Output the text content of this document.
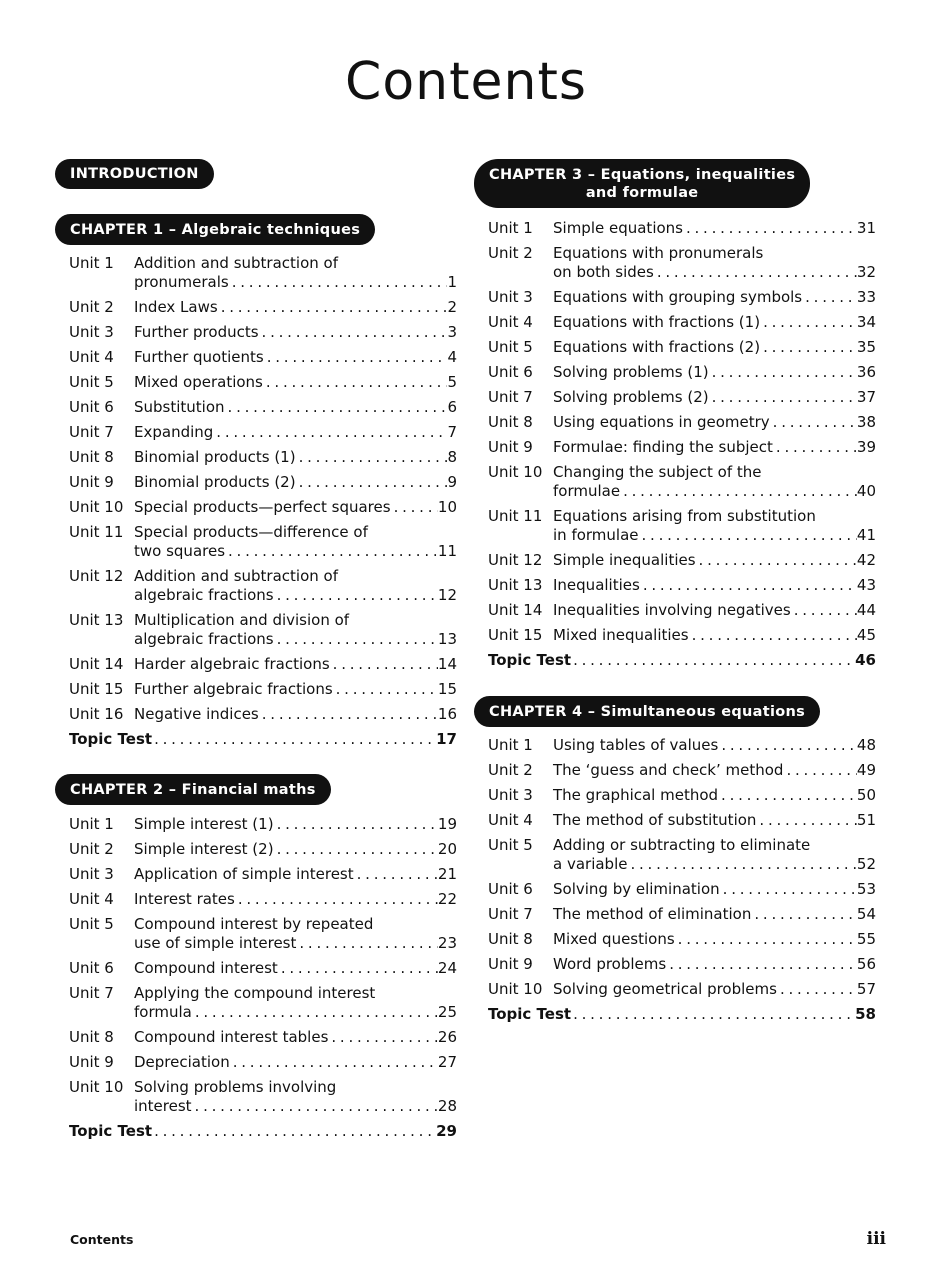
Contents
INTRODUCTION
CHAPTER 1 – Algebraic techniques
Unit 1	Addition and subtraction of
pronumerals . . .	1
Unit 2	Index Laws . . .	2
Unit 3	Further products . . .	3
Unit 4	Further quotients . . .	4
Unit 5	Mixed operations . . .	5
Unit 6	Substitution . . .	6
Unit 7	Expanding . . .	7
Unit 8	Binomial products (1) . . .	8
Unit 9	Binomial products (2) . . .	9
Unit 10 Special products—perfect squares . . .	10
Unit 11 Special products—difference of
two squares . . .	11
Unit 12 Addition and subtraction of
algebraic fractions . . .	12
Unit 13 Multiplication and division of
algebraic fractions . . .	13
Unit 14 Harder algebraic fractions . . .	14
Unit 15 Further algebraic fractions . . .	15
Unit 16 Negative indices . . .	16
Topic Test . . .	17
CHAPTER 2 – Financial maths
Unit 1	Simple interest (1) . . .	19
Unit 2	Simple interest (2) . . .	20
Unit 3	Application of simple interest . . .	21
Unit 4	Interest rates . . .	22
Unit 5	Compound interest by repeated
use of simple interest . . .	23
Unit 6	Compound interest . . .	24
Unit 7	Applying the compound interest
formula . . .	25
Unit 8	Compound interest tables . . .	26
Unit 9	Depreciation . . .	27
Unit 10 Solving problems involving
interest . . .	28
Topic Test . . .	29
CHAPTER 3 – Equations, inequalities
and formulae
Unit 1	Simple equations . . .	31
Unit 2	Equations with pronumerals
on both sides . . .	32
Unit 3	Equations with grouping symbols . . .	33
Unit 4	Equations with fractions (1) . . .	34
Unit 5	Equations with fractions (2) . . .	35
Unit 6	Solving problems (1) . . .	36
Unit 7	Solving problems (2) . . .	37
Unit 8	Using equations in geometry . . .	38
Unit 9	Formulae: finding the subject . . .	39
Unit 10 Changing the subject of the
formulae . . .	40
Unit 11 Equations arising from substitution
in formulae . . .	41
Unit 12 Simple inequalities . . .	42
Unit 13 Inequalities . . .	43
Unit 14 Inequalities involving negatives . . .	44
Unit 15 Mixed inequalities . . .	45
Topic Test . . .	46
CHAPTER 4 – Simultaneous equations
Unit 1	Using tables of values . . .	48
Unit 2	The ‘guess and check’ method . . .	49
Unit 3	The graphical method . . .	50
Unit 4	The method of substitution . . .	51
Unit 5	Adding or subtracting to eliminate
a variable . . .	52
Unit 6	Solving by elimination . . .	53
Unit 7	The method of elimination . . .	54
Unit 8	Mixed questions . . .	55
Unit 9	Word problems . . .	56
Unit 10 Solving geometrical problems . . .	57
Topic Test . . .	58
Contents	iii
